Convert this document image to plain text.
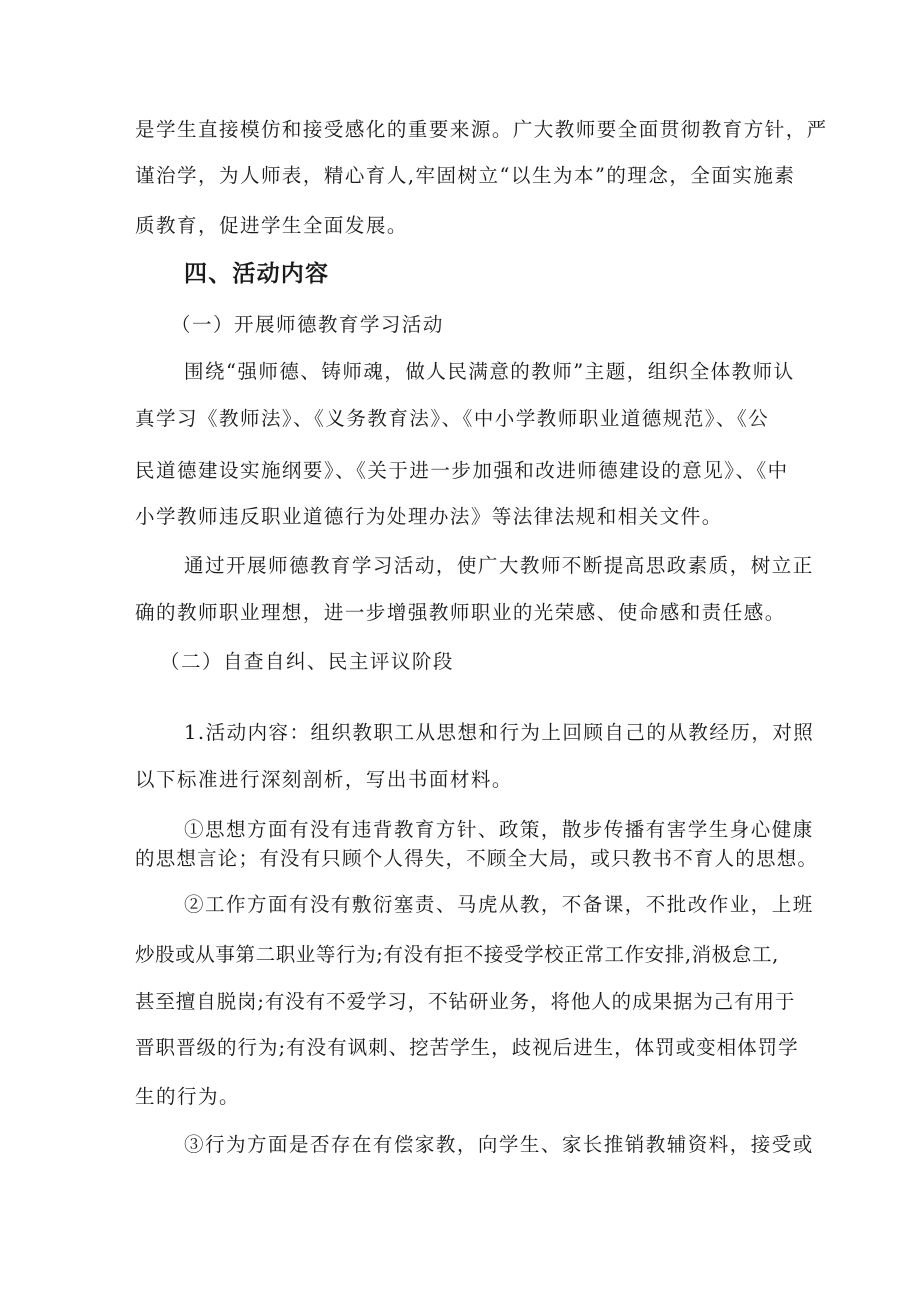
是学生直接模仿和接受感化的重要来源。广大教师要全面贯彻教育方针，严
谨治学，为人师表，精心育人,牢固树立“以生为本”的理念，全面实施素
质教育，促进学生全面发展。
四、活动内容
（一）开展师德教育学习活动
围绕“强师德、铸师魂，做人民满意的教师”主题，组织全体教师认
真学习《教师法》、《义务教育法》、《中小学教师职业道德规范》、《公
民道德建设实施纲要》、《关于进一步加强和改进师德建设的意见》、《中
小学教师违反职业道德行为处理办法》等法律法规和相关文件。
通过开展师德教育学习活动，使广大教师不断提高思政素质，树立正
确的教师职业理想，进一步增强教师职业的光荣感、使命感和责任感。
（二）自查自纠、民主评议阶段
1.活动内容：组织教职工从思想和行为上回顾自己的从教经历，对照
以下标准进行深刻剖析，写出书面材料。
①思想方面有没有违背教育方针、政策，散步传播有害学生身心健康
的思想言论；有没有只顾个人得失，不顾全大局，或只教书不育人的思想。
②工作方面有没有敷衍塞责、马虎从教，不备课，不批改作业，上班
炒股或从事第二职业等行为;有没有拒不接受学校正常工作安排,消极怠工,
甚至擅自脱岗;有没有不爱学习，不钻研业务，将他人的成果据为己有用于
晋职晋级的行为;有没有讽刺、挖苦学生，歧视后进生，体罚或变相体罚学
生的行为。
③行为方面是否存在有偿家教，向学生、家长推销教辅资料，接受或
